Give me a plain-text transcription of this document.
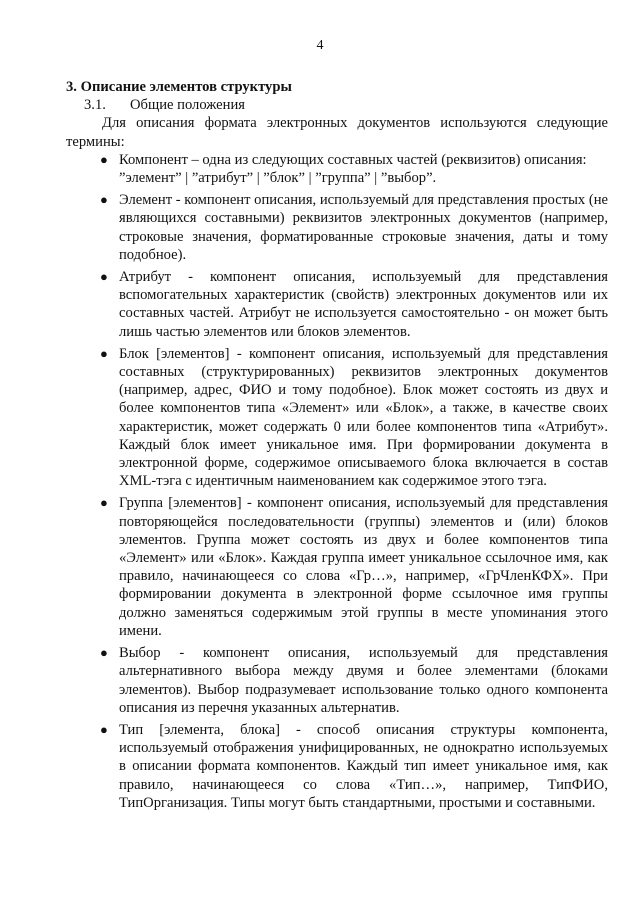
4

3. Описание элементов структуры

3.1. Общие положения

Для описания формата электронных документов используются следующие термины:

● Компонент – одна из следующих составных частей (реквизитов) описания:
”элемент” | ”атрибут” | ”блок” | ”группа” | ”выбор”.
● Элемент - компонент описания, используемый для представления простых (не являющихся составными) реквизитов электронных документов (например, строковые значения, форматированные строковые значения, даты и тому подобное).
● Атрибут - компонент описания, используемый для представления вспомогательных характеристик (свойств) электронных документов или их составных частей. Атрибут не используется самостоятельно - он может быть лишь частью элементов или блоков элементов.
● Блок [элементов] - компонент описания, используемый для представления составных (структурированных) реквизитов электронных документов (например, адрес, ФИО и тому подобное). Блок может состоять из двух и более компонентов типа «Элемент» или «Блок», а также, в качестве своих характеристик, может содержать 0 или более компонентов типа «Атрибут». Каждый блок имеет уникальное имя. При формировании документа в электронной форме, содержимое описываемого блока включается в состав XML-тэга с идентичным наименованием как содержимое этого тэга.
● Группа [элементов] - компонент описания, используемый для представления повторяющейся последовательности (группы) элементов и (или) блоков элементов. Группа может состоять из двух и более компонентов типа «Элемент» или «Блок». Каждая группа имеет уникальное ссылочное имя, как правило, начинающееся со слова «Гр…», например, «ГрЧленКФХ». При формировании документа в электронной форме ссылочное имя группы должно заменяться содержимым этой группы в месте упоминания этого имени.
● Выбор - компонент описания, используемый для представления альтернативного выбора между двумя и более элементами (блоками элементов). Выбор подразумевает использование только одного компонента описания из перечня указанных альтернатив.
● Тип [элемента, блока] - способ описания структуры компонента, используемый отображения унифицированных, не однократно используемых в описании формата компонентов. Каждый тип имеет уникальное имя, как правило, начинающееся со слова «Тип…», например, ТипФИО, ТипОрганизация. Типы могут быть стандартными, простыми и составными.
